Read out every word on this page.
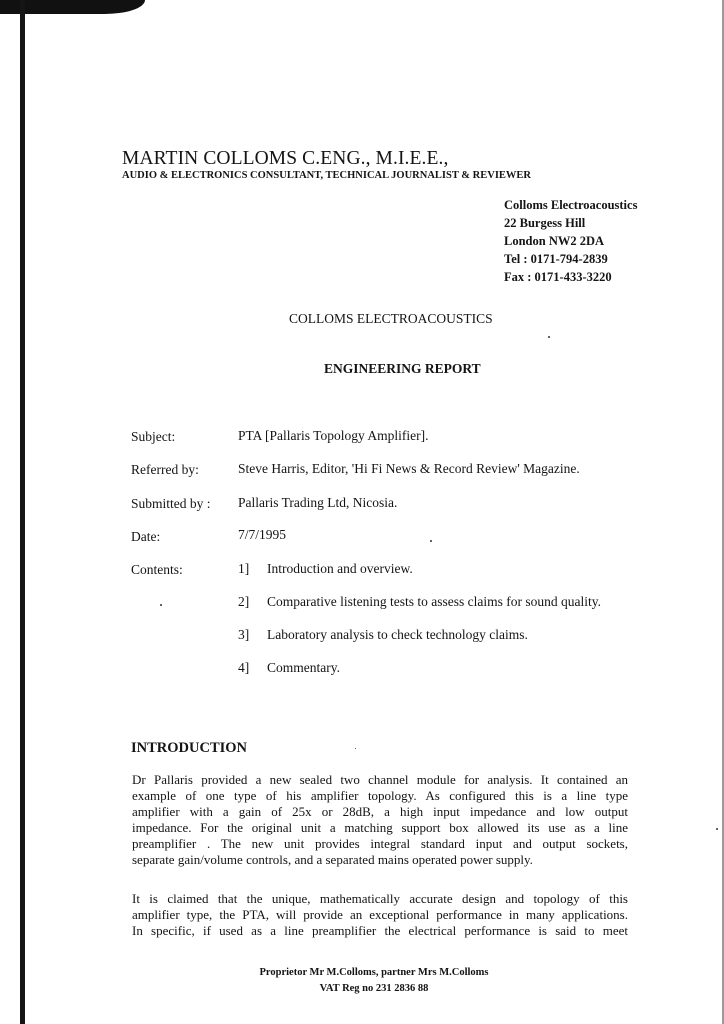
MARTIN COLLOMS C.ENG., M.I.E.E.,
AUDIO & ELECTRONICS CONSULTANT, TECHNICAL JOURNALIST & REVIEWER
Colloms Electroacoustics
22 Burgess Hill
London NW2 2DA
Tel : 0171-794-2839
Fax : 0171-433-3220
COLLOMS ELECTROACOUSTICS
ENGINEERING REPORT
Subject:	PTA [Pallaris Topology Amplifier].
Referred by:	Steve Harris, Editor, 'Hi Fi News & Record Review' Magazine.
Submitted by : Pallaris Trading Ltd, Nicosia.
Date:	7/7/1995
Contents:	1] Introduction and overview.
2] Comparative listening tests to assess claims for sound quality.
3] Laboratory analysis to check technology claims.
4] Commentary.
INTRODUCTION
Dr Pallaris provided a new sealed two channel module for analysis. It contained an
example of one type of his amplifier topology. As configured this is a line type
amplifier with a gain of 25x or 28dB, a high input impedance and low output
impedance. For the original unit a matching support box allowed its use as a line
preamplifier . The new unit provides integral standard input and output sockets,
separate gain/volume controls, and a separated mains operated power supply.
It is claimed that the unique, mathematically accurate design and topology of this
amplifier type, the PTA, will provide an exceptional performance in many applications.
In specific, if used as a line preamplifier the electrical performance is said to meet
Proprietor Mr M.Colloms, partner Mrs M.Colloms
VAT Reg no 231 2836 88
